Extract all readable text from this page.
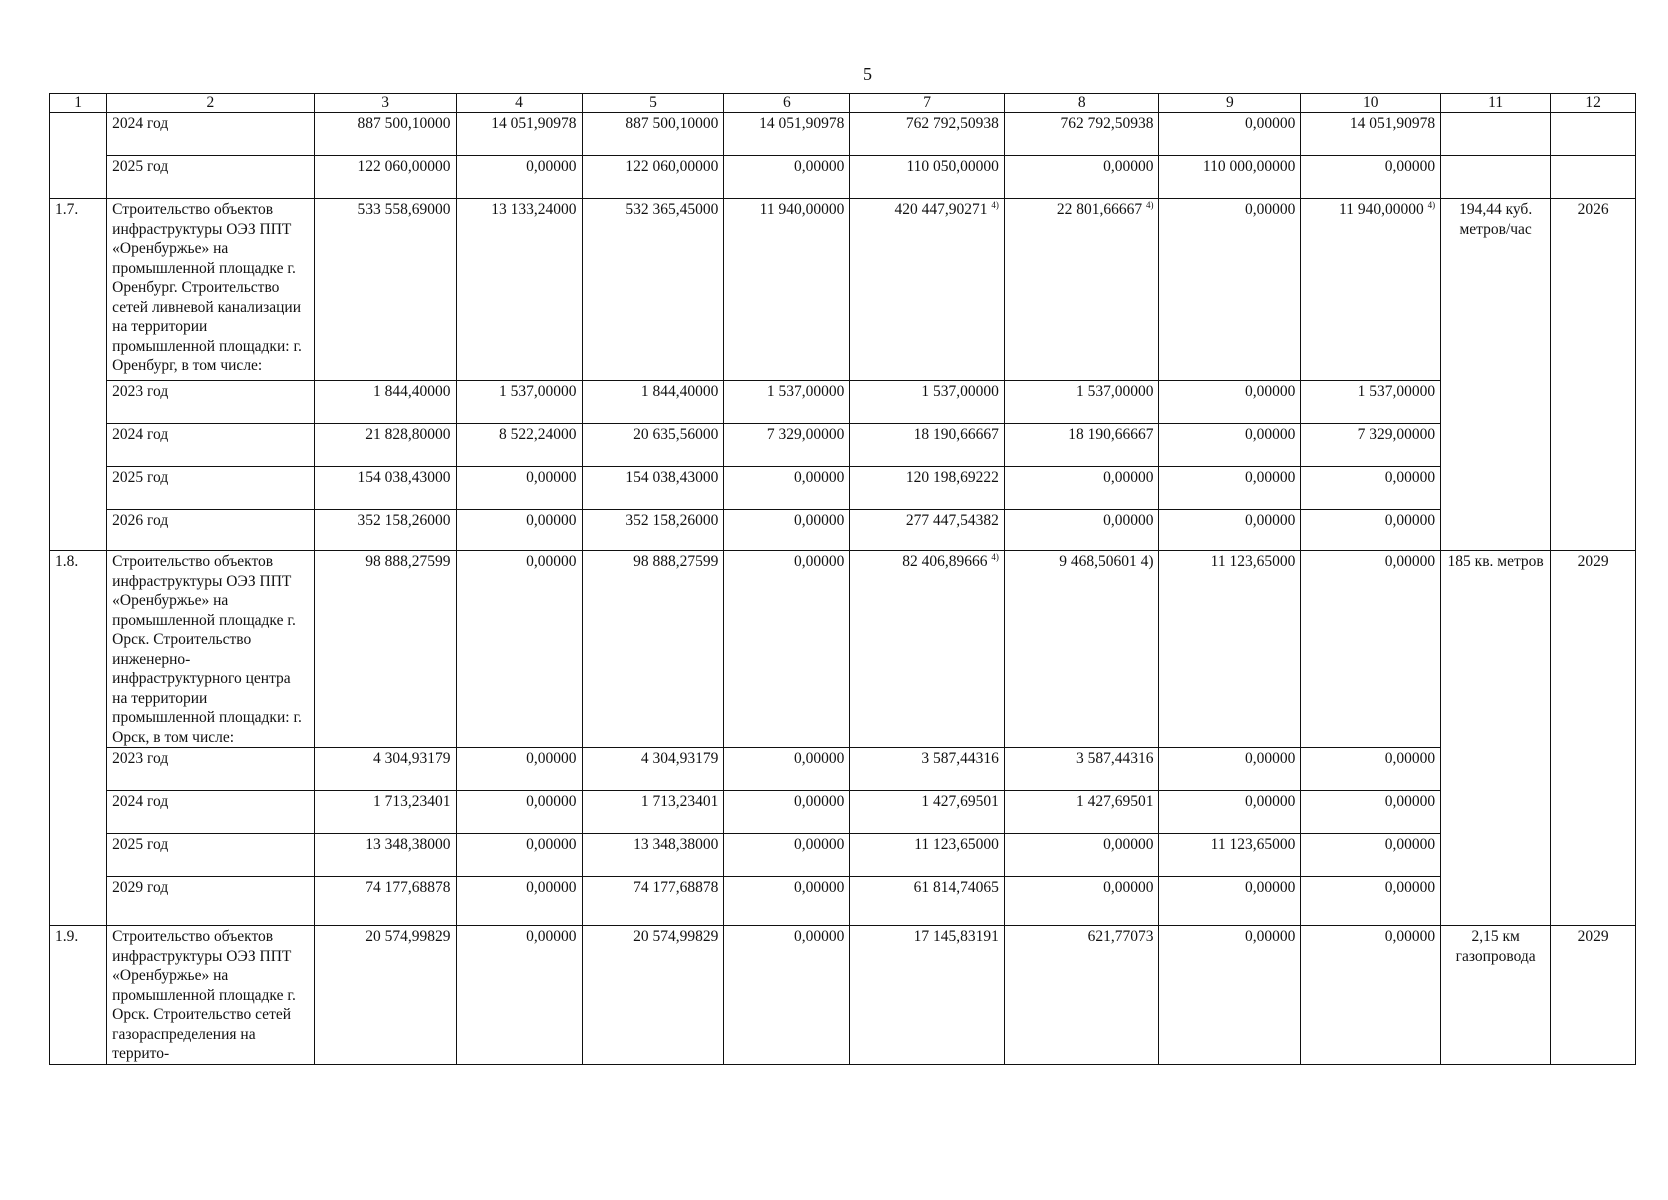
5
1	2	3	4	5	6	7	8	9	10	11	12
	2024 год	887 500,10000	14 051,90978	887 500,10000	14 051,90978	762 792,50938	762 792,50938	0,00000	14 051,90978		
	2025 год	122 060,00000	0,00000	122 060,00000	0,00000	110 050,00000	0,00000	110 000,00000	0,00000		
1.7.	Строительство объектов инфраструктуры ОЭЗ ППТ «Оренбуржье» на промышленной площадке г. Оренбург. Строительство сетей ливневой канализации на территории промышленной площадки: г. Оренбург, в том числе:	533 558,69000	13 133,24000	532 365,45000	11 940,00000	420 447,90271 $^{4)}$	22 801,66667 $^{4)}$	0,00000	11 940,00000 $^{4)}$	194,44 куб. метров/час	2026
	2023 год	1 844,40000	1 537,00000	1 844,40000	1 537,00000	1 537,00000	1 537,00000	0,00000	1 537,00000		
	2024 год	21 828,80000	8 522,24000	20 635,56000	7 329,00000	18 190,66667	18 190,66667	0,00000	7 329,00000		
	2025 год	154 038,43000	0,00000	154 038,43000	0,00000	120 198,69222	0,00000	0,00000	0,00000		
	2026 год	352 158,26000	0,00000	352 158,26000	0,00000	277 447,54382	0,00000	0,00000	0,00000		
1.8.	Строительство объектов инфраструктуры ОЭЗ ППТ «Оренбуржье» на промышленной площадке г. Орск. Строительство инженерно-инфраструктурного центра на территории промышленной площадки: г. Орск, в том числе:	98 888,27599	0,00000	98 888,27599	0,00000	82 406,89666 $^{4)}$	9 468,50601 4)	11 123,65000	0,00000	185 кв. метров	2029
	2023 год	4 304,93179	0,00000	4 304,93179	0,00000	3 587,44316	3 587,44316	0,00000	0,00000		
	2024 год	1 713,23401	0,00000	1 713,23401	0,00000	1 427,69501	1 427,69501	0,00000	0,00000		
	2025 год	13 348,38000	0,00000	13 348,38000	0,00000	11 123,65000	0,00000	11 123,65000	0,00000		
	2029 год	74 177,68878	0,00000	74 177,68878	0,00000	61 814,74065	0,00000	0,00000	0,00000		
1.9.	Строительство объектов инфраструктуры ОЭЗ ППТ «Оренбуржье» на промышленной площадке г. Орск. Строительство сетей газораспределения на террито-	20 574,99829	0,00000	20 574,99829	0,00000	17 145,83191	621,77073	0,00000	0,00000	2,15 км газопровода	2029
